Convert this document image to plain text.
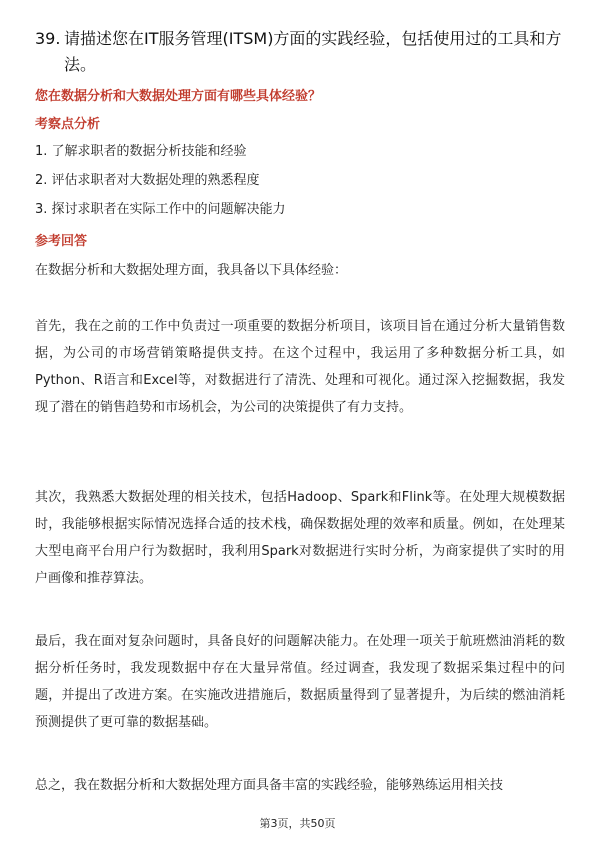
39. 请描述您在IT服务管理(ITSM)方面的实践经验，包括使用过的工具和方法。
您在数据分析和大数据处理方面有哪些具体经验？
考察点分析
1. 了解求职者的数据分析技能和经验
2. 评估求职者对大数据处理的熟悉程度
3. 探讨求职者在实际工作中的问题解决能力
参考回答
在数据分析和大数据处理方面，我具备以下具体经验：
首先，我在之前的工作中负责过一项重要的数据分析项目，该项目旨在通过分析大量销售数据，为公司的市场营销策略提供支持。在这个过程中，我运用了多种数据分析工具，如Python、R语言和Excel等，对数据进行了清洗、处理和可视化。通过深入挖掘数据，我发现了潜在的销售趋势和市场机会，为公司的决策提供了有力支持。
其次，我熟悉大数据处理的相关技术，包括Hadoop、Spark和Flink等。在处理大规模数据时，我能够根据实际情况选择合适的技术栈，确保数据处理的效率和质量。例如，在处理某大型电商平台用户行为数据时，我利用Spark对数据进行实时分析，为商家提供了实时的用户画像和推荐算法。
最后，我在面对复杂问题时，具备良好的问题解决能力。在处理一项关于航班燃油消耗的数据分析任务时，我发现数据中存在大量异常值。经过调查，我发现了数据采集过程中的问题，并提出了改进方案。在实施改进措施后，数据质量得到了显著提升，为后续的燃油消耗预测提供了更可靠的数据基础。
总之，我在数据分析和大数据处理方面具备丰富的实践经验，能够熟练运用相关技
第3页，共50页
